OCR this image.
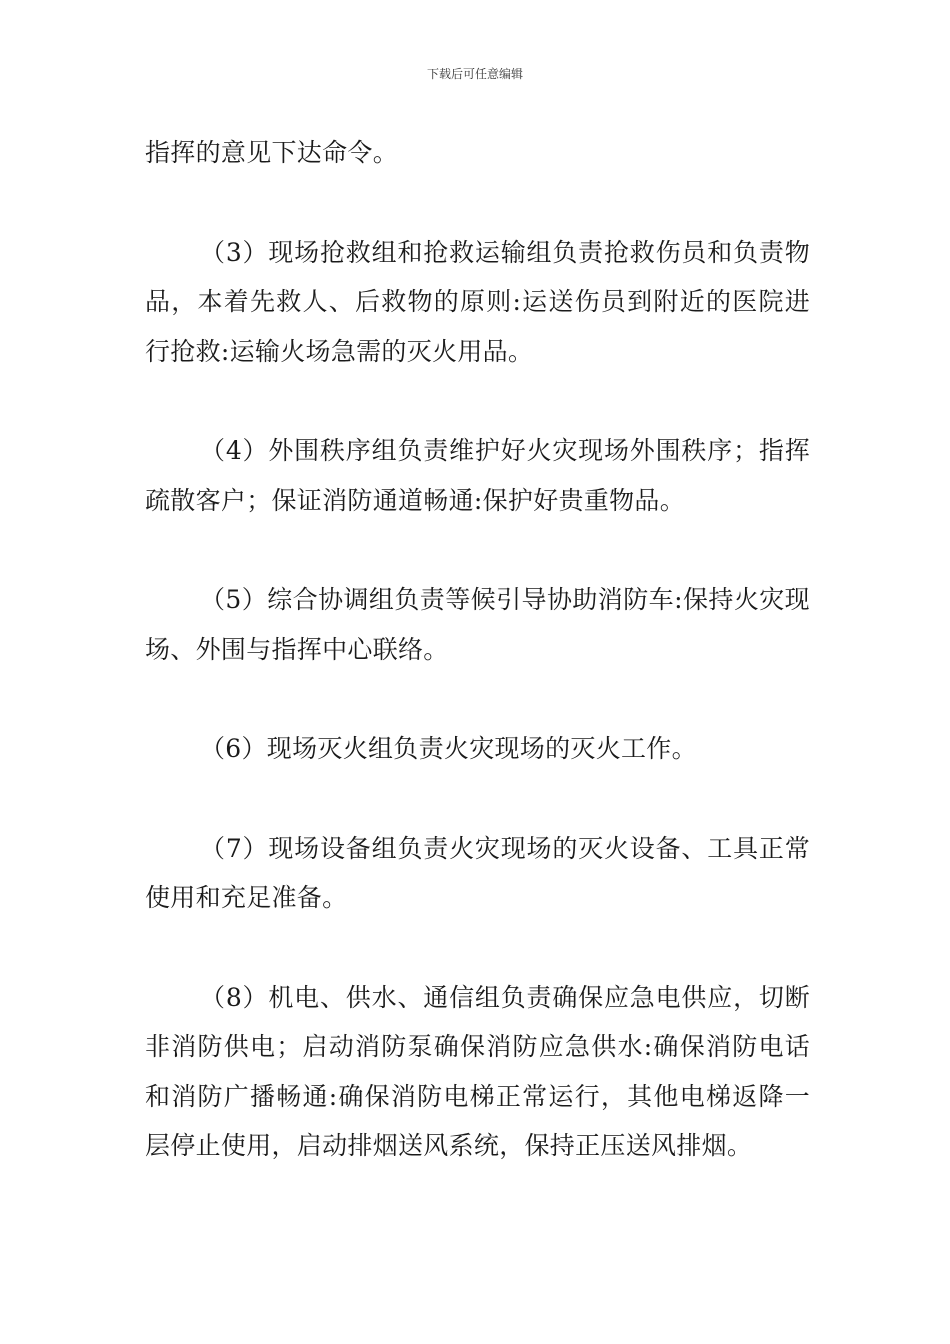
下载后可任意编辑

指挥的意见下达命令。

（3）现场抢救组和抢救运输组负责抢救伤员和负责物品，本着先救人、后救物的原则:运送伤员到附近的医院进行抢救:运输火场急需的灭火用品。

（4）外围秩序组负责维护好火灾现场外围秩序；指挥疏散客户；保证消防通道畅通:保护好贵重物品。

（5）综合协调组负责等候引导协助消防车:保持火灾现场、外围与指挥中心联络。

（6）现场灭火组负责火灾现场的灭火工作。

（7）现场设备组负责火灾现场的灭火设备、工具正常使用和充足准备。

（8）机电、供水、通信组负责确保应急电供应，切断非消防供电；启动消防泵确保消防应急供水:确保消防电话和消防广播畅通:确保消防电梯正常运行，其他电梯返降一层停止使用，启动排烟送风系统，保持正压送风排烟。
